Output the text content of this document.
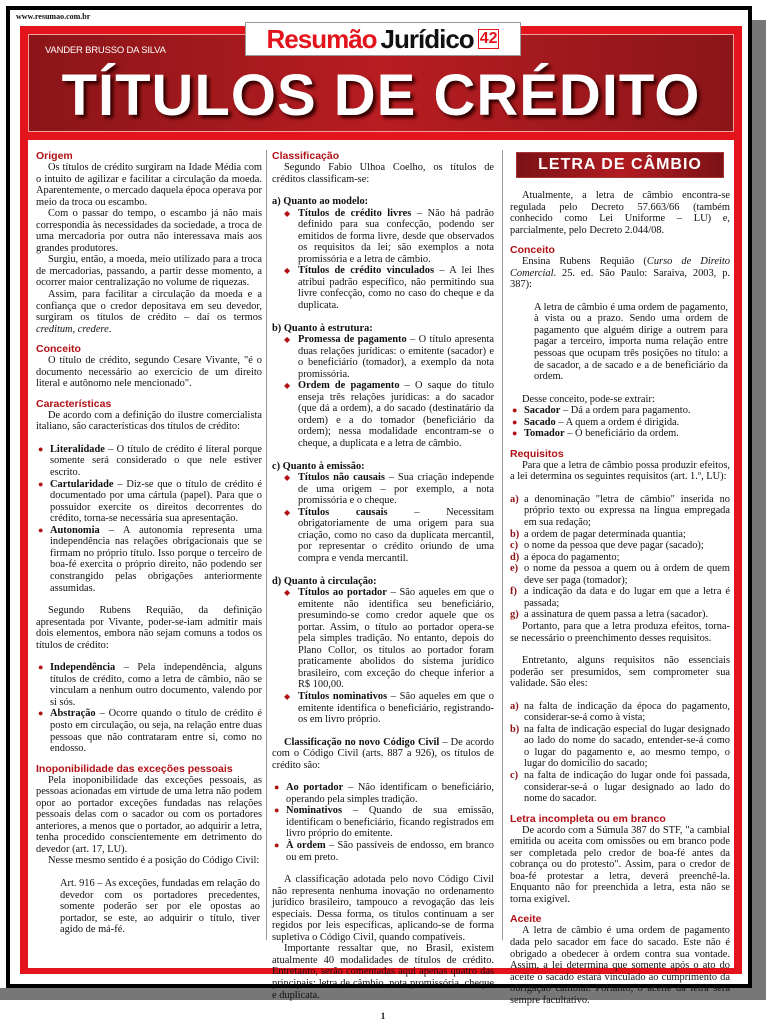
www.resumao.com.br
VANDER BRUSSO DA SILVA
TÍTULOS DE CRÉDITO
Resumão Jurídico 42
Origem
Os títulos de crédito surgiram na Idade Média com o intuito de agilizar e facilitar a circulação da moeda. Aparentemente, o mercado daquela época operava por meio da troca ou escambo.
Com o passar do tempo, o escambo já não mais correspondia às necessidades da sociedade, a troca de uma mercadoria por outra não interessava mais aos grandes produtores.
Surgiu, então, a moeda, meio utilizado para a troca de mercadorias, passando, a partir desse momento, a ocorrer maior centralização no volume de riquezas.
Assim, para facilitar a circulação da moeda e a confiança que o credor depositava em seu devedor, surgiram os títulos de crédito – daí os termos creditum, credere.
Conceito
O título de crédito, segundo Cesare Vivante, "é o documento necessário ao exercício de um direito literal e autônomo nele mencionado".
Características
De acordo com a definição do ilustre comercialista italiano, são características dos títulos de crédito:
● Literalidade – O título de crédito é literal porque somente será considerado o que nele estiver escrito.
● Cartularidade – Diz-se que o título de crédito é documentado por uma cártula (papel). Para que o possuidor exercite os direitos decorrentes do crédito, torna-se necessária sua apresentação.
● Autonomia – A autonomia representa uma independência nas relações obrigacionais que se firmam no próprio título. Isso porque o terceiro de boa-fé exercita o próprio direito, não podendo ser constrangido pelas obrigações anteriormente assumidas.
Segundo Rubens Requião, da definição apresentada por Vivante, poder-se-iam admitir mais dois elementos, embora não sejam comuns a todos os títulos de crédito:
● Independência – Pela independência, alguns títulos de crédito, como a letra de câmbio, não se vinculam a nenhum outro documento, valendo por si sós.
● Abstração – Ocorre quando o título de crédito é posto em circulação, ou seja, na relação entre duas pessoas que não contrataram entre si, como no endosso.
Inoponibilidade das exceções pessoais
Pela inoponibilidade das exceções pessoais, as pessoas acionadas em virtude de uma letra não podem opor ao portador exceções fundadas nas relações pessoais delas com o sacador ou com os portadores anteriores, a menos que o portador, ao adquirir a letra, tenha procedido conscientemente em detrimento do devedor (art. 17, LU).
Nesse mesmo sentido é a posição do Código Civil:
Art. 916 – As exceções, fundadas em relação do devedor com os portadores precedentes, somente poderão ser por ele opostas ao portador, se este, ao adquirir o título, tiver agido de má-fé.
Classificação
Segundo Fabio Ulhoa Coelho, os títulos de créditos classificam-se:
a) Quanto ao modelo:
◆ Títulos de crédito livres – Não há padrão definido para sua confecção, podendo ser emitidos de forma livre, desde que observados os requisitos da lei; são exemplos a nota promissória e a letra de câmbio.
◆ Títulos de crédito vinculados – A lei lhes atribui padrão específico, não permitindo sua livre confecção, como no caso do cheque e da duplicata.
b) Quanto à estrutura:
◆ Promessa de pagamento – O título apresenta duas relações jurídicas: o emitente (sacador) e o beneficiário (tomador), a exemplo da nota promissória.
◆ Ordem de pagamento – O saque do título enseja três relações jurídicas: a do sacador (que dá a ordem), a do sacado (destinatário da ordem) e a do tomador (beneficiário da ordem); nessa modalidade encontram-se o cheque, a duplicata e a letra de câmbio.
c) Quanto à emissão:
◆ Títulos não causais – Sua criação independe de uma origem – por exemplo, a nota promissória e o cheque.
◆ Títulos causais – Necessitam obrigatoriamente de uma origem para sua criação, como no caso da duplicata mercantil, por representar o crédito oriundo de uma compra e venda mercantil.
d) Quanto à circulação:
◆ Títulos ao portador – São aqueles em que o emitente não identifica seu beneficiário, presumindo-se como credor aquele que os portar. Assim, o título ao portador opera-se pela simples tradição. No entanto, depois do Plano Collor, os títulos ao portador foram praticamente abolidos do sistema jurídico brasileiro, com exceção do cheque inferior a R$ 100,00.
◆ Títulos nominativos – São aqueles em que o emitente identifica o beneficiário, registrando-os em livro próprio.
Classificação no novo Código Civil – De acordo com o Código Civil (arts. 887 a 926), os títulos de crédito são:
● Ao portador – Não identificam o beneficiário, operando pela simples tradição.
● Nominativos – Quando de sua emissão, identificam o beneficiário, ficando registrados em livro próprio do emitente.
● À ordem – São passíveis de endosso, em branco ou em preto.
A classificação adotada pelo novo Código Civil não representa nenhuma inovação no ordenamento jurídico brasileiro, tampouco a revogação das leis especiais. Dessa forma, os títulos continuam a ser regidos por leis específicas, aplicando-se de forma supletiva o Código Civil, quando compatíveis.
Importante ressaltar que, no Brasil, existem atualmente 40 modalidades de títulos de crédito. Entretanto, serão comentadas aqui apenas quatro das principais: letra de câmbio, nota promissória, cheque e duplicata.
1
LETRA DE CÂMBIO
Atualmente, a letra de câmbio encontra-se regulada pelo Decreto 57.663/66 (também conhecido como Lei Uniforme – LU) e, parcialmente, pelo Decreto 2.044/08.
Conceito
Ensina Rubens Requião (Curso de Direito Comercial. 25. ed. São Paulo: Saraiva, 2003, p. 387):
A letra de câmbio é uma ordem de pagamento, à vista ou a prazo. Sendo uma ordem de pagamento que alguém dirige a outrem para pagar a terceiro, importa numa relação entre pessoas que ocupam três posições no título: a de sacador, a de sacado e a de beneficiário da ordem.
Desse conceito, pode-se extrair:
● Sacador – Dá a ordem para pagamento.
● Sacado – A quem a ordem é dirigida.
● Tomador – O beneficiário da ordem.
Requisitos
Para que a letra de câmbio possa produzir efeitos, a lei determina os seguintes requisitos (art. 1.º, LU):
a) a denominação "letra de câmbio" inserida no próprio texto ou expressa na língua empregada em sua redação;
b) a ordem de pagar determinada quantia;
c) o nome da pessoa que deve pagar (sacado);
d) a época do pagamento;
e) o nome da pessoa a quem ou à ordem de quem deve ser paga (tomador);
f) a indicação da data e do lugar em que a letra é passada;
g) a assinatura de quem passa a letra (sacador).
Portanto, para que a letra produza efeitos, torna-se necessário o preenchimento desses requisitos.
Entretanto, alguns requisitos não essenciais poderão ser presumidos, sem comprometer sua validade. São eles:
a) na falta de indicação da época do pagamento, considerar-se-á como à vista;
b) na falta de indicação especial do lugar designado ao lado do nome do sacado, entender-se-á como o lugar do pagamento e, ao mesmo tempo, o lugar do domicílio do sacado;
c) na falta de indicação do lugar onde foi passada, considerar-se-á o lugar designado ao lado do nome do sacador.
Letra incompleta ou em branco
De acordo com a Súmula 387 do STF, "a cambial emitida ou aceita com omissões ou em branco pode ser completada pelo credor de boa-fé antes da cobrança ou do protesto". Assim, para o credor de boa-fé protestar a letra, deverá preenchê-la. Enquanto não for preenchida a letra, esta não se torna exigível.
Aceite
A letra de câmbio é uma ordem de pagamento dada pelo sacador em face do sacado. Este não é obrigado a obedecer à ordem contra sua vontade. Assim, a lei determina que somente após o ato do aceite o sacado estará vinculado ao cumprimento da obrigação cambial. Portanto, o aceite da letra será sempre facultativo.
